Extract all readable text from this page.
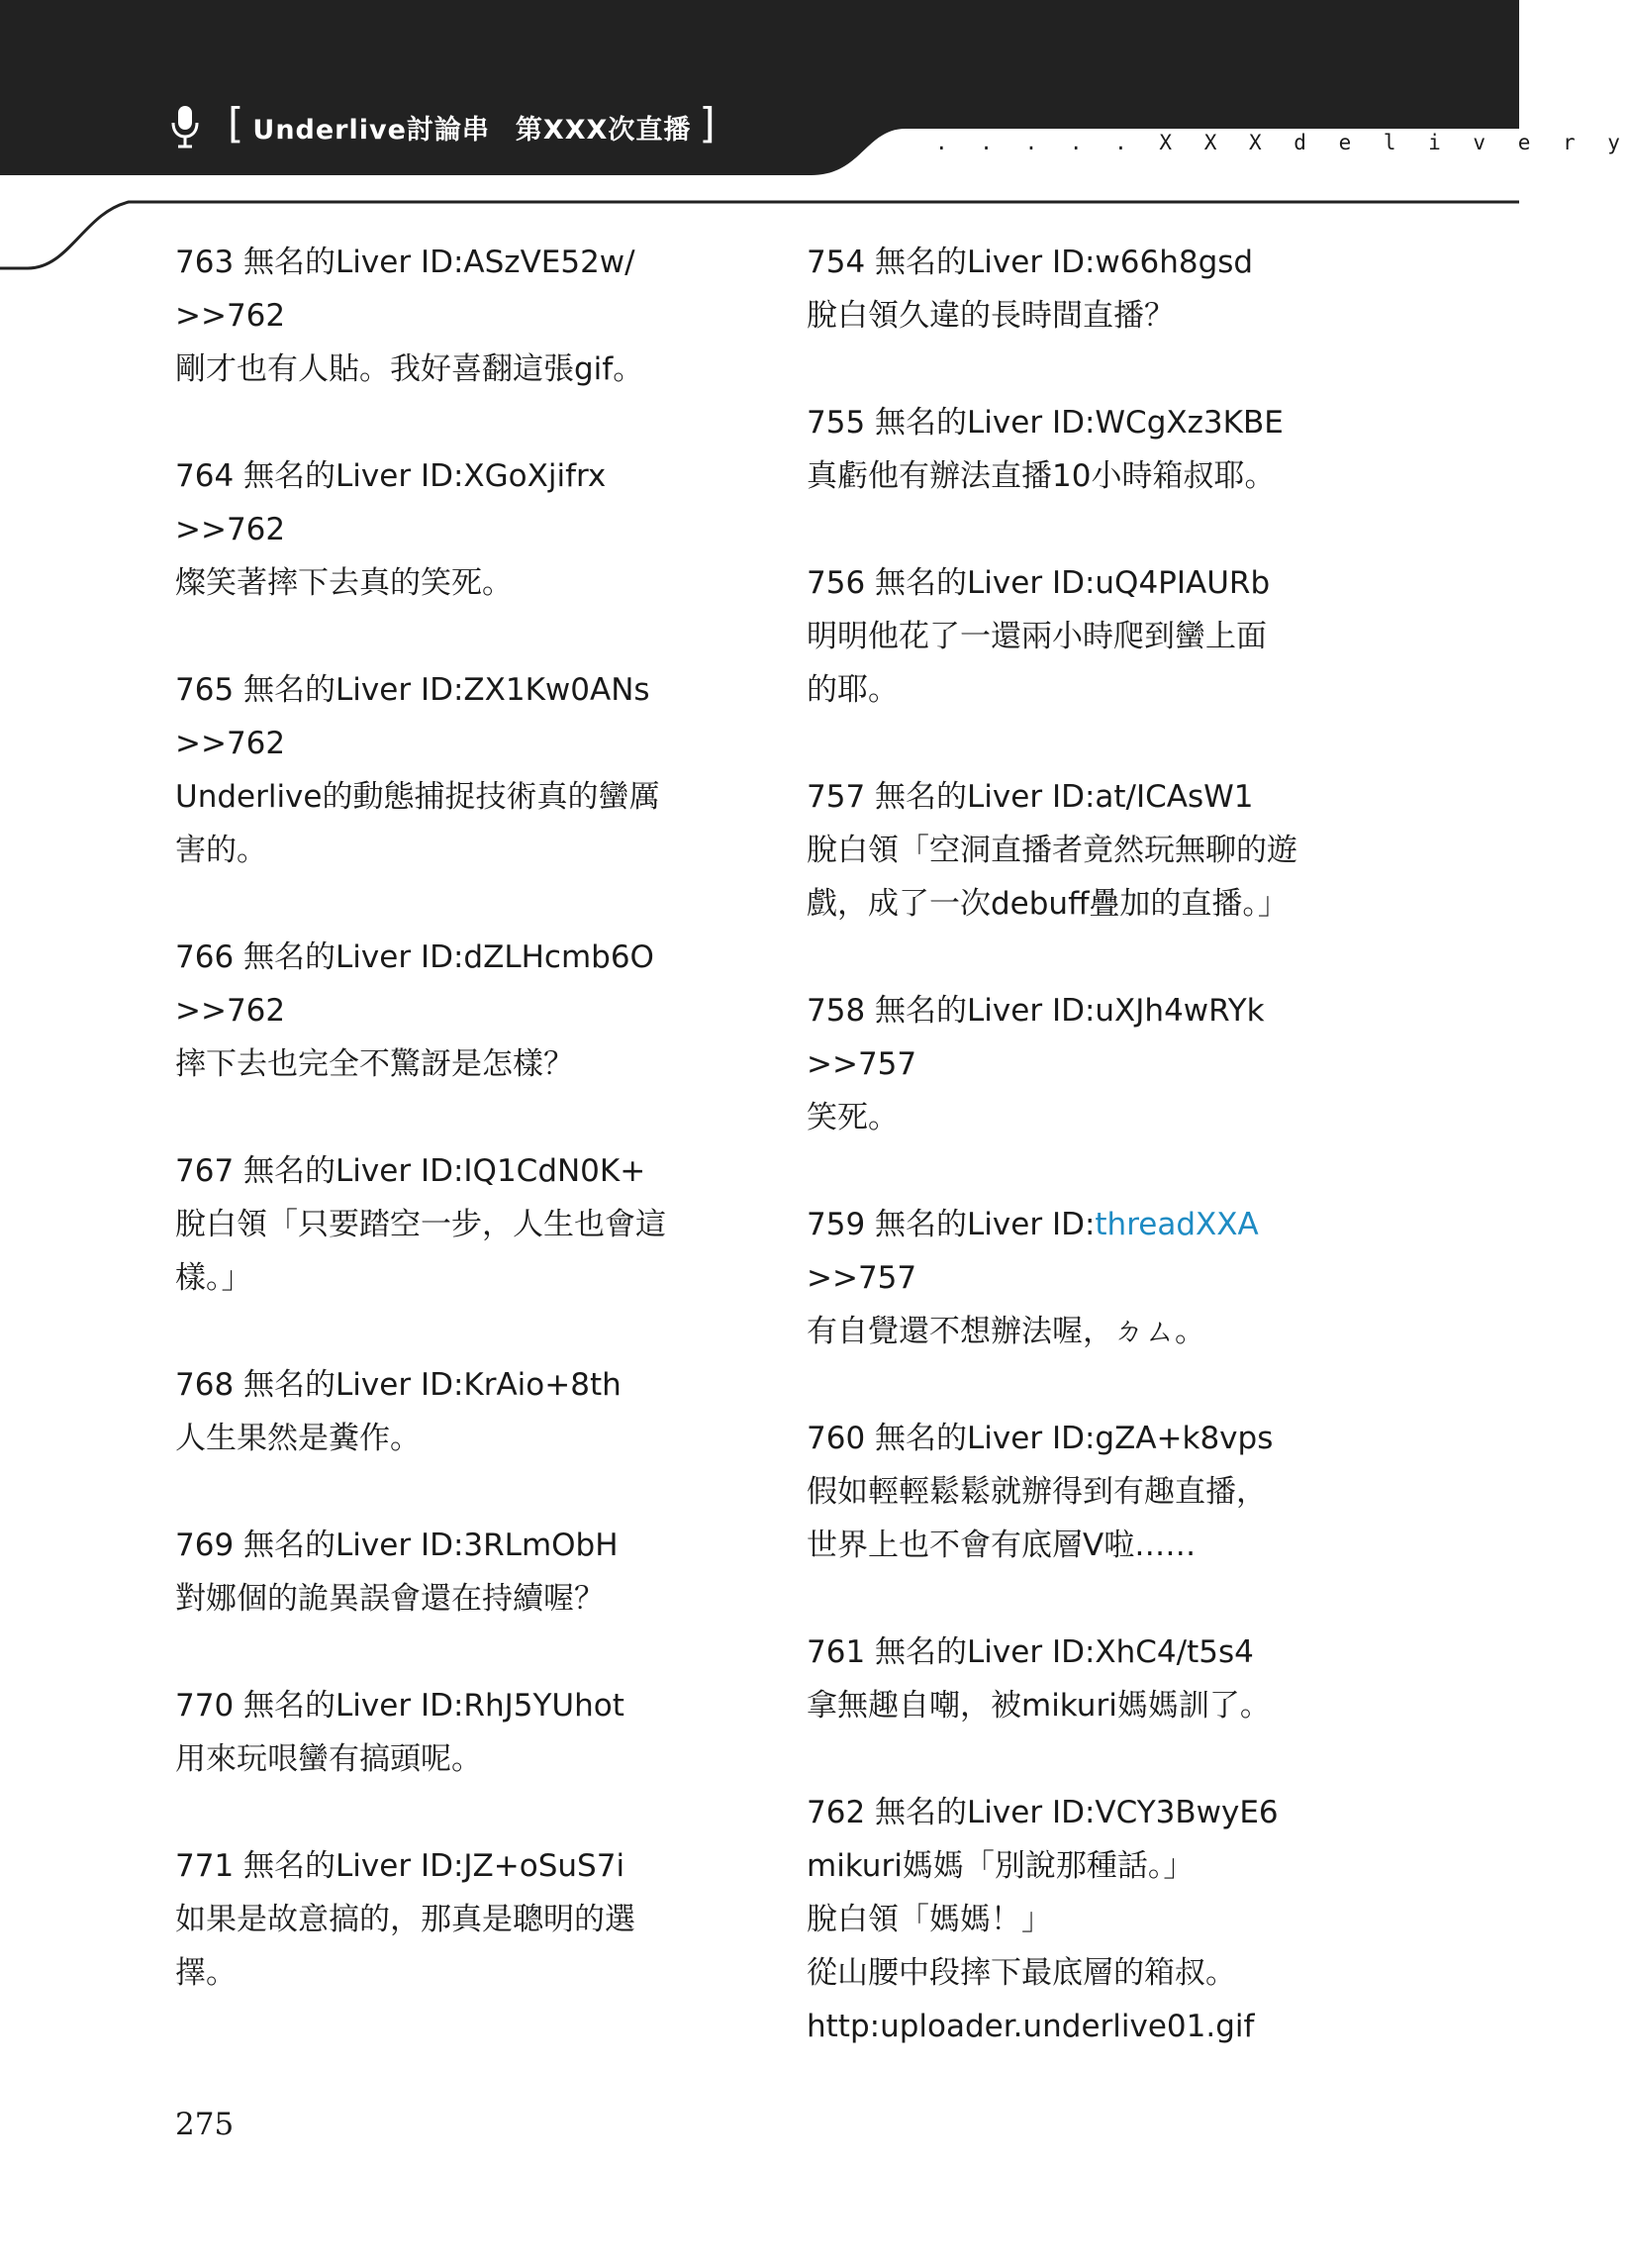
[ Underlive討論串 第XXX次直播 ]	. . . . . X X X d e l i v e r y
763 無名的Liver ID:ASzVE52w/
>>762
剛才也有人貼。我好喜翻這張gif。
764 無名的Liver ID:XGoXjifrx
>>762
燦笑著摔下去真的笑死。
765 無名的Liver ID:ZX1Kw0ANs
>>762
Underlive的動態捕捉技術真的蠻厲
害的。
766 無名的Liver ID:dZLHcmb6O
>>762
摔下去也完全不驚訝是怎樣？
767 無名的Liver ID:IQ1CdN0K+
脫白領「只要踏空一步，人生也會這
樣。」
768 無名的Liver ID:KrAio+8th
人生果然是糞作。
769 無名的Liver ID:3RLmObH
對娜個的詭異誤會還在持續喔？
770 無名的Liver ID:RhJ5YUhot
用來玩哏蠻有搞頭呢。
771 無名的Liver ID:JZ+oSuS7i
如果是故意搞的，那真是聰明的選
擇。
754 無名的Liver ID:w66h8gsd
脫白領久違的長時間直播？
755 無名的Liver ID:WCgXz3KBE
真虧他有辦法直播10小時箱叔耶。
756 無名的Liver ID:uQ4PIAURb
明明他花了一還兩小時爬到蠻上面
的耶。
757 無名的Liver ID:at/ICAsW1
脫白領「空洞直播者竟然玩無聊的遊
戲，成了一次debuff疊加的直播。」
758 無名的Liver ID:uXJh4wRYk
>>757
笑死。
759 無名的Liver ID:threadXXA
>>757
有自覺還不想辦法喔，ㄉㄙ。
760 無名的Liver ID:gZA+k8vps
假如輕輕鬆鬆就辦得到有趣直播，
世界上也不會有底層V啦……
761 無名的Liver ID:XhC4/t5s4
拿無趣自嘲，被mikuri媽媽訓了。
762 無名的Liver ID:VCY3BwyE6
mikuri媽媽「別說那種話。」
脫白領「媽媽！」
從山腰中段摔下最底層的箱叔。
http:uploader.underlive01.gif
275
